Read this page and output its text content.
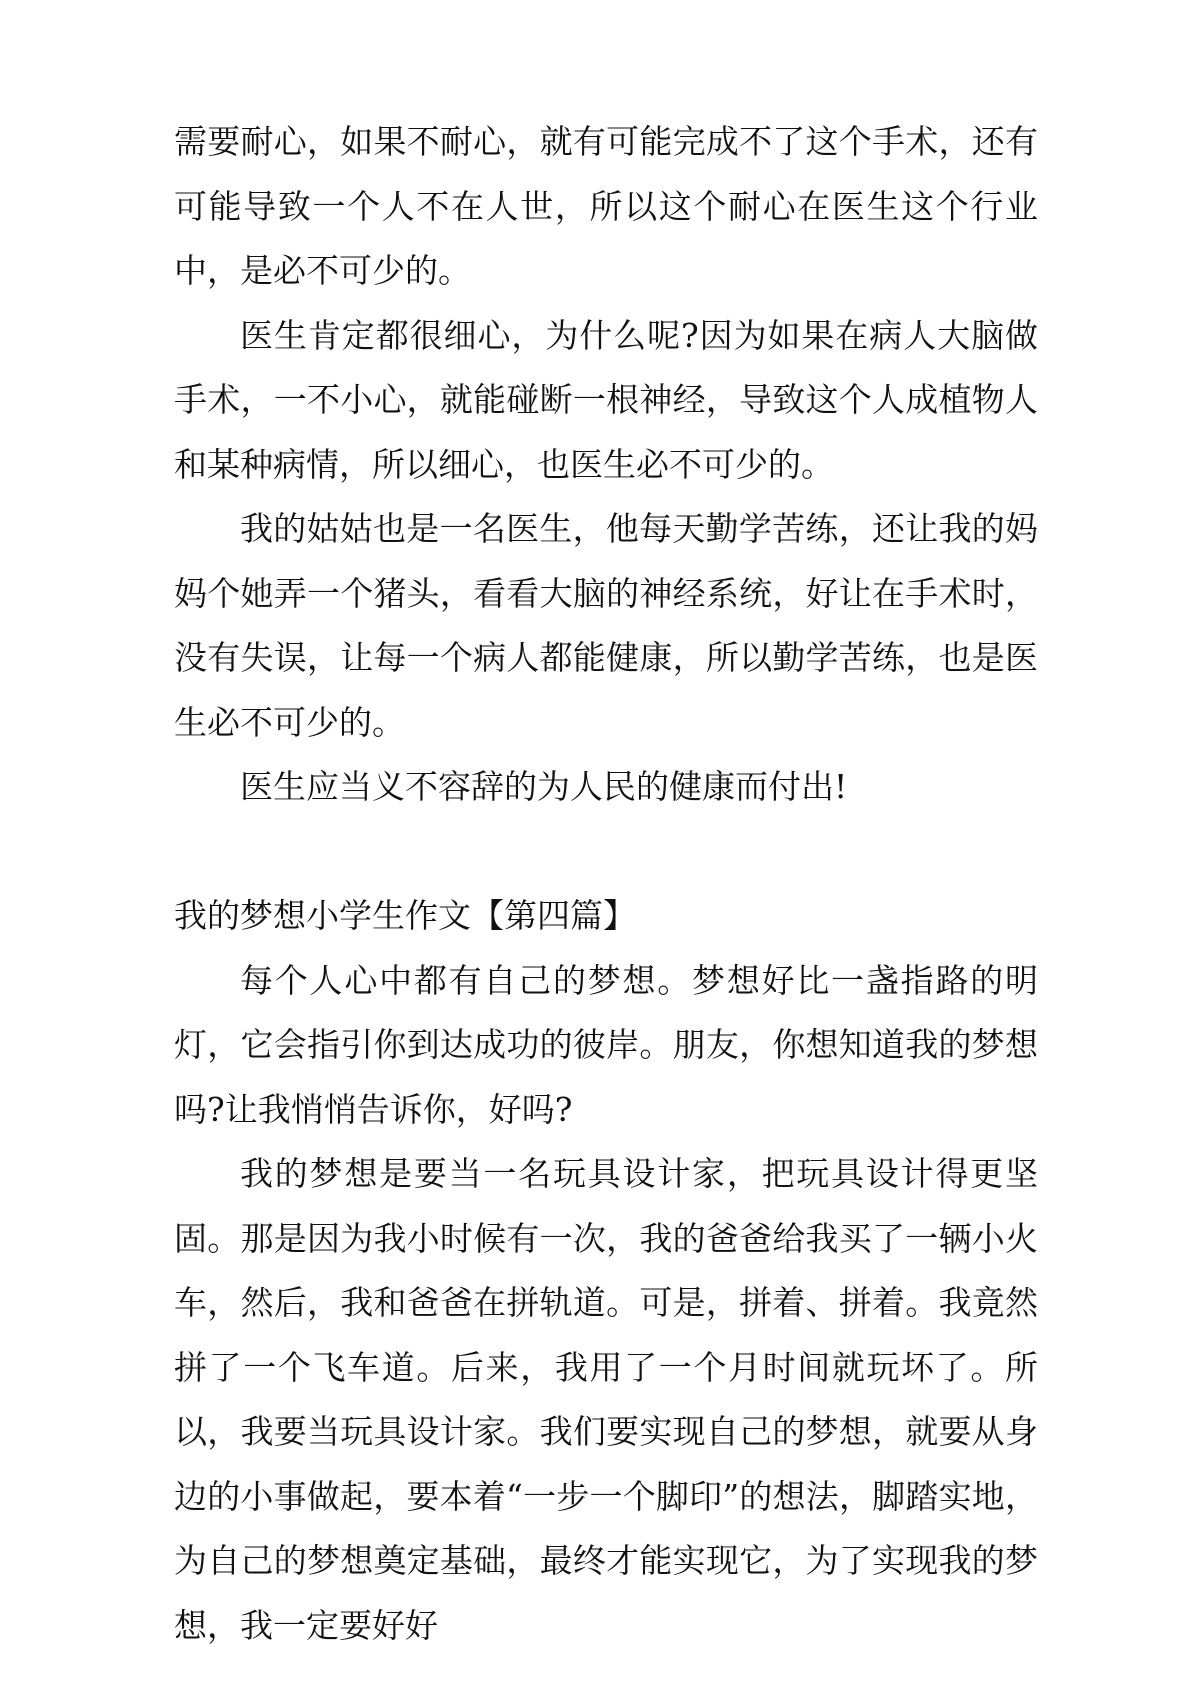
需要耐心，如果不耐心，就有可能完成不了这个手术，还有可能导致一个人不在人世，所以这个耐心在医生这个行业中，是必不可少的。

医生肯定都很细心，为什么呢?因为如果在病人大脑做手术，一不小心，就能碰断一根神经，导致这个人成植物人和某种病情，所以细心，也医生必不可少的。

我的姑姑也是一名医生，他每天勤学苦练，还让我的妈妈个她弄一个猪头，看看大脑的神经系统，好让在手术时，没有失误，让每一个病人都能健康，所以勤学苦练，也是医生必不可少的。

医生应当义不容辞的为人民的健康而付出!

我的梦想小学生作文【第四篇】

每个人心中都有自己的梦想。梦想好比一盏指路的明灯，它会指引你到达成功的彼岸。朋友，你想知道我的梦想吗?让我悄悄告诉你，好吗?

我的梦想是要当一名玩具设计家，把玩具设计得更坚固。那是因为我小时候有一次，我的爸爸给我买了一辆小火车，然后，我和爸爸在拼轨道。可是，拼着、拼着。我竟然拼了一个飞车道。后来，我用了一个月时间就玩坏了。所以，我要当玩具设计家。我们要实现自己的梦想，就要从身边的小事做起，要本着“一步一个脚印”的想法，脚踏实地，为自己的梦想奠定基础，最终才能实现它，为了实现我的梦想，我一定要好好
